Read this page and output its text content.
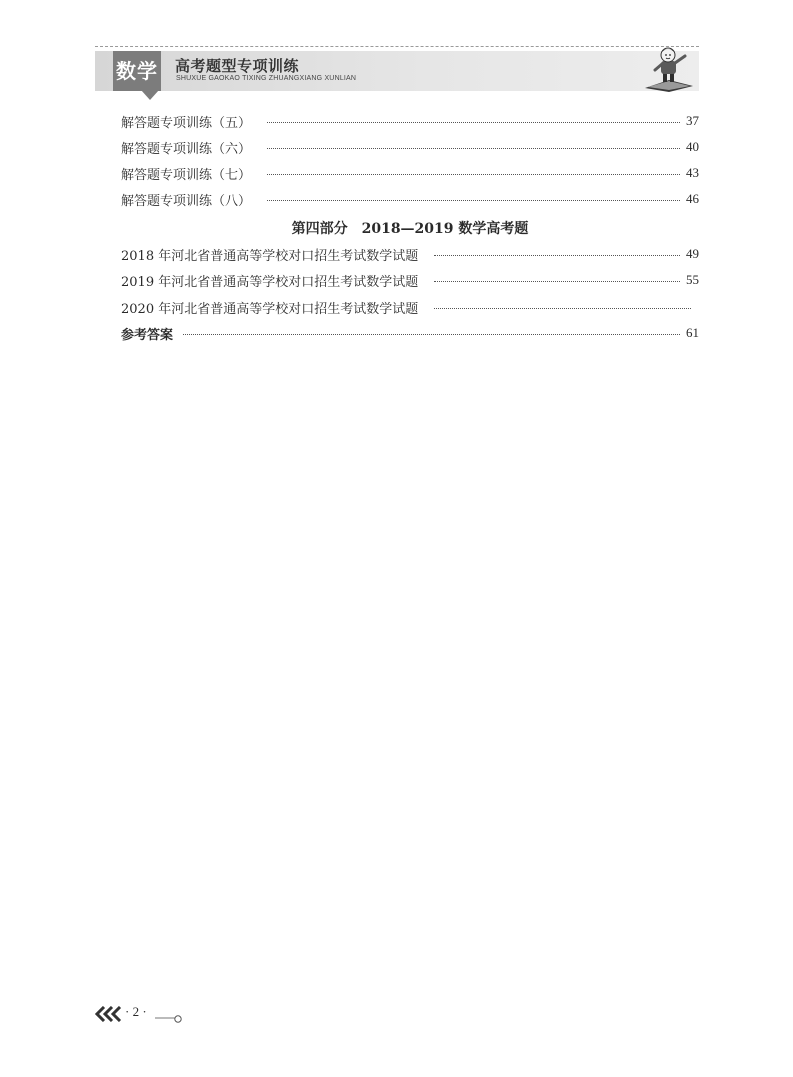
数学 高考题型专项训练
SHUXUE GAOKAO TIXING ZHUANGXIANG XUNLIAN
解答题专项训练（五）	37
解答题专项训练（六）	40
解答题专项训练（七）	43
解答题专项训练（八）	46
第四部分　2018—2019 数学高考题
2018 年河北省普通高等学校对口招生考试数学试题	49
2019 年河北省普通高等学校对口招生考试数学试题	55
2020 年河北省普通高等学校对口招生考试数学试题
参考答案	61
· 2 ·
